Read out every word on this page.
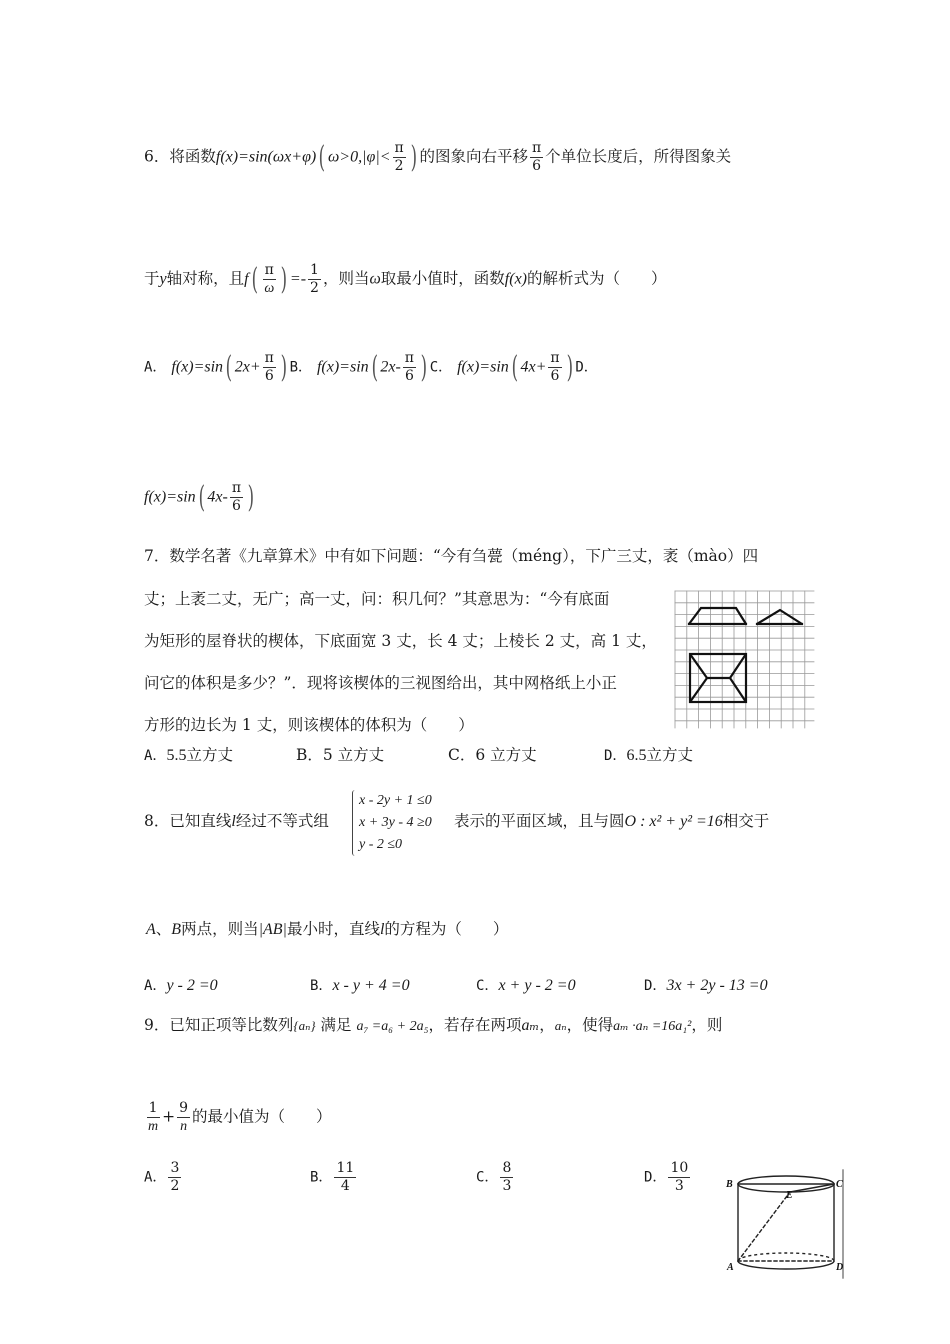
6．将函数f(x)=sin(ωx+φ)( $\omega>0,|\varphi|< \frac{\pi}{2}$ ) 的图象向右平移 $\frac{\pi}{6}$ 个单位长度后，所得图象关
于y轴对称，且$f( \frac{\pi}{\omega}$ ) =- $\frac{1}{2}$ ，则当ω取最小值时，函数f(x)的解析式为（　　）
A． f(x)=sin( $2x+ \frac{\pi}{6}$ ) B． f(x)=sin( $2x- \frac{\pi}{6}$ ) C． f(x)=sin( $4x+ \frac{\pi}{6}$ ) D．
f(x)=sin( $4x- \frac{\pi}{6}$ )
7．数学名著《九章算术》中有如下问题：“今有刍甍（méng），下广三丈，袤（mào）四
丈；上袤二丈，无广；高一丈，问：积几何？”其意思为：“今有底面
为矩形的屋脊状的楔体，下底面宽 3 丈，长 4 丈；上棱长 2 丈，高 1 丈，
问它的体积是多少？”．现将该楔体的三视图给出，其中网格纸上小正
方形的边长为 1 丈，则该楔体的体积为（　　）
A．5.5立方丈	B．5 立方丈	C．6 立方丈	D．6.5立方丈
8．已知直线l经过不等式组
x - 2y + 1 ≤0
x + 3y - 4 ≥0
y - 2 ≤0
表示的平面区域，且与圆O : x² + y² =16相交于
A、B两点，则当|AB|最小时，直线l的方程为（　　）
A．y - 2 =0	B．x - y + 4 =0	C．x + y - 2 =0	D．3x + 2y - 13 =0
9．已知正项等比数列{aₙ} 满足 a₇ =a₆ + 2a₅，若存在两项aₘ，aₙ，使得aₘ ·aₙ =16a₁²，则
$\frac{1}{m} + \frac{9}{n}$ 的最小值为（　　）
A． $\frac{3}{2}$	B． $\frac{11}{4}$	C． $\frac{8}{3}$	D． $\frac{10}{3}$	B	C
E
A	D
